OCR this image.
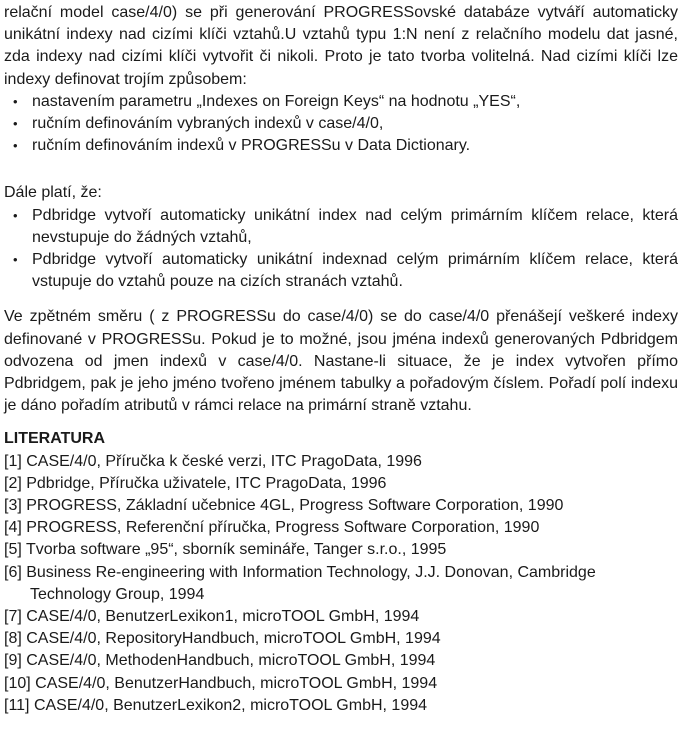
relační model case/4/0) se při generování PROGRESSovské databáze vytváří automaticky unikátní indexy nad cizími klíči vztahů.U vztahů typu 1:N není z relačního modelu dat jasné, zda indexy nad cizími klíči vytvořit či nikoli. Proto je tato tvorba volitelná. Nad cizími klíči lze indexy definovat trojím způsobem:

• nastavením parametru „Indexes on Foreign Keys“ na hodnotu „YES“,
• ručním definováním vybraných indexů v case/4/0,
• ručním definováním indexů v PROGRESSu v Data Dictionary.

Dále platí, že:

• Pdbridge vytvoří automaticky unikátní index nad celým primárním klíčem relace, která nevstupuje do žádných vztahů,
• Pdbridge vytvoří automaticky unikátní indexnad celým primárním klíčem relace, která vstupuje do vztahů pouze na cizích stranách vztahů.

Ve zpětném směru ( z PROGRESSu do case/4/0) se do case/4/0 přenášejí veškeré indexy definované v PROGRESSu. Pokud je to možné, jsou jména indexů generovaných Pdbridgem odvozena od jmen indexů v case/4/0. Nastane-li situace, že je index vytvořen přímo Pdbridgem, pak je jeho jméno tvořeno jménem tabulky a pořadovým číslem. Pořadí polí indexu je dáno pořadím atributů v rámci relace na primární straně vztahu.

LITERATURA
[1] CASE/4/0, Příručka k české verzi, ITC PragoData, 1996
[2] Pdbridge, Příručka uživatele, ITC PragoData, 1996
[3] PROGRESS, Základní učebnice 4GL, Progress Software Corporation, 1990
[4] PROGRESS, Referenční příručka, Progress Software Corporation, 1990
[5] Tvorba software „95“, sborník semináře, Tanger s.r.o., 1995
[6] Business Re-engineering with Information Technology, J.J. Donovan, Cambridge Technology Group, 1994
[7] CASE/4/0, BenutzerLexikon1, microTOOL GmbH, 1994
[8] CASE/4/0, RepositoryHandbuch, microTOOL GmbH, 1994
[9] CASE/4/0, MethodenHandbuch, microTOOL GmbH, 1994
[10] CASE/4/0, BenutzerHandbuch, microTOOL GmbH, 1994
[11] CASE/4/0, BenutzerLexikon2, microTOOL GmbH, 1994
